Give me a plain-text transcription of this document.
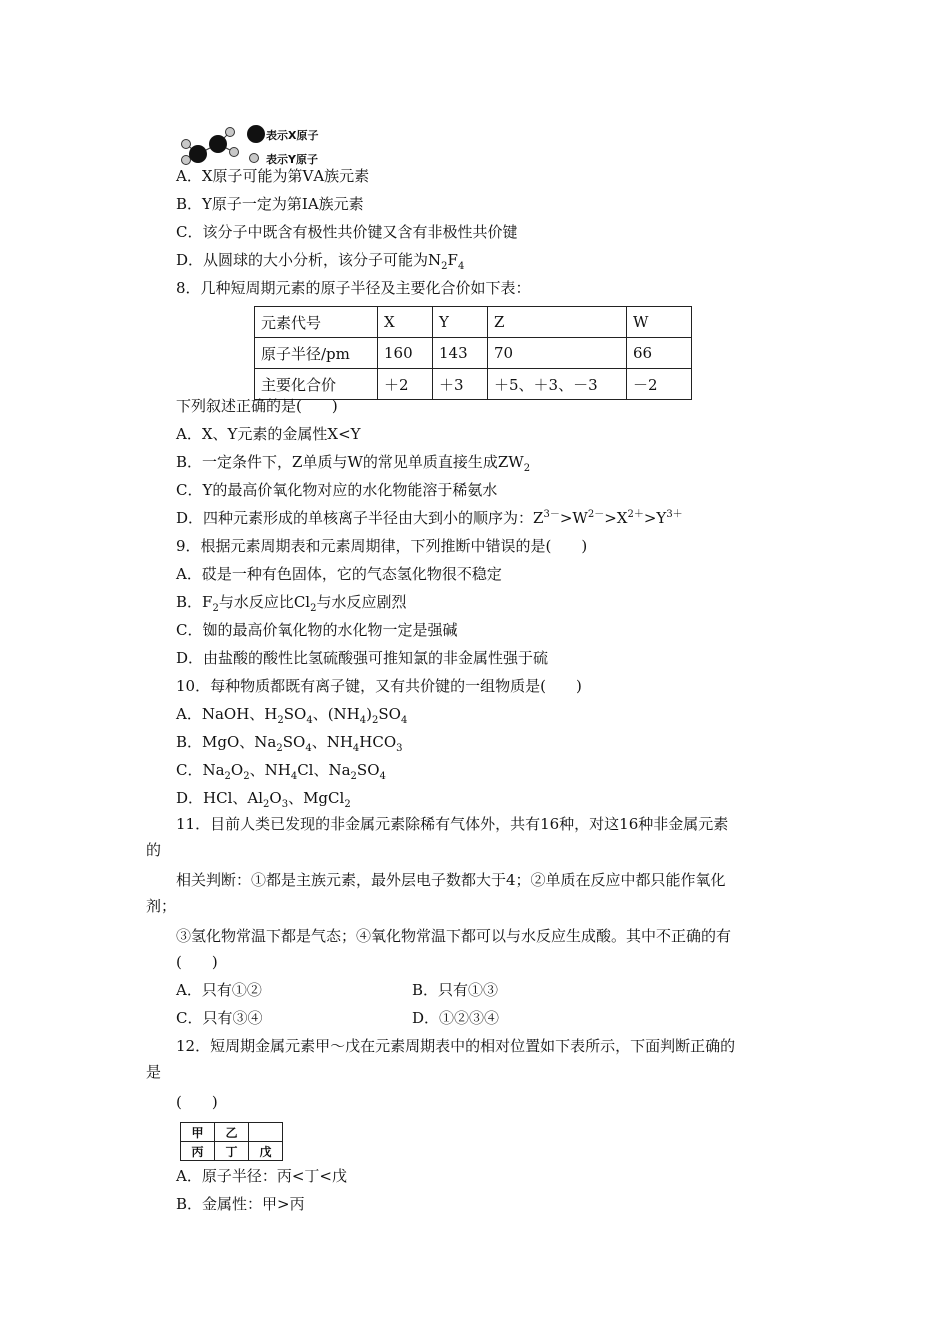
表示X原子
表示Y原子
A．X原子可能为第ⅤA族元素
B．Y原子一定为第ⅠA族元素
C．该分子中既含有极性共价键又含有非极性共价键
D．从圆球的大小分析，该分子可能为$N_2F_4$
8．几种短周期元素的原子半径及主要化合价如下表：
元素代号	X	Y	Z	W
原子半径/pm	160	143	70	66
主要化合价	＋2	＋3	＋5、＋3、－3	－2
下列叙述正确的是(　　)
A．X、Y元素的金属性X<Y
B．一定条件下，Z单质与W的常见单质直接生成$ZW_2$
C．Y的最高价氧化物对应的水化物能溶于稀氨水
D．四种元素形成的单核离子半径由大到小的顺序为：$Z^{3-}>W^{2-}>X^{2+}>Y^{3+}$
9．根据元素周期表和元素周期律，下列推断中错误的是(　　)
A．砹是一种有色固体，它的气态氢化物很不稳定
B．$F_2$与水反应比$Cl_2$与水反应剧烈
C．铷的最高价氧化物的水化物一定是强碱
D．由盐酸的酸性比氢硫酸强可推知氯的非金属性强于硫
10．每种物质都既有离子键，又有共价键的一组物质是(　　)
A．NaOH、$H_2SO_4$、$(NH_4)_2SO_4$
B．MgO、$Na_2SO_4$、$NH_4HCO_3$
C．$Na_2O_2$、$NH_4Cl$、$Na_2SO_4$
D．HCl、$Al_2O_3$、MgCl$_2$
11．目前人类已发现的非金属元素除稀有气体外，共有16种，对这16种非金属元素
的
相关判断：①都是主族元素，最外层电子数都大于4；②单质在反应中都只能作氧化
剂；
③氢化物常温下都是气态；④氧化物常温下都可以与水反应生成酸。其中不正确的有
(　　)
A．只有①②	B．只有①③
C．只有③④	D．①②③④
12．短周期金属元素甲～戊在元素周期表中的相对位置如下表所示，下面判断正确的
是
(　　)
甲	乙	
丙	丁	戊
A．原子半径：丙<丁<戊
B．金属性：甲>丙
